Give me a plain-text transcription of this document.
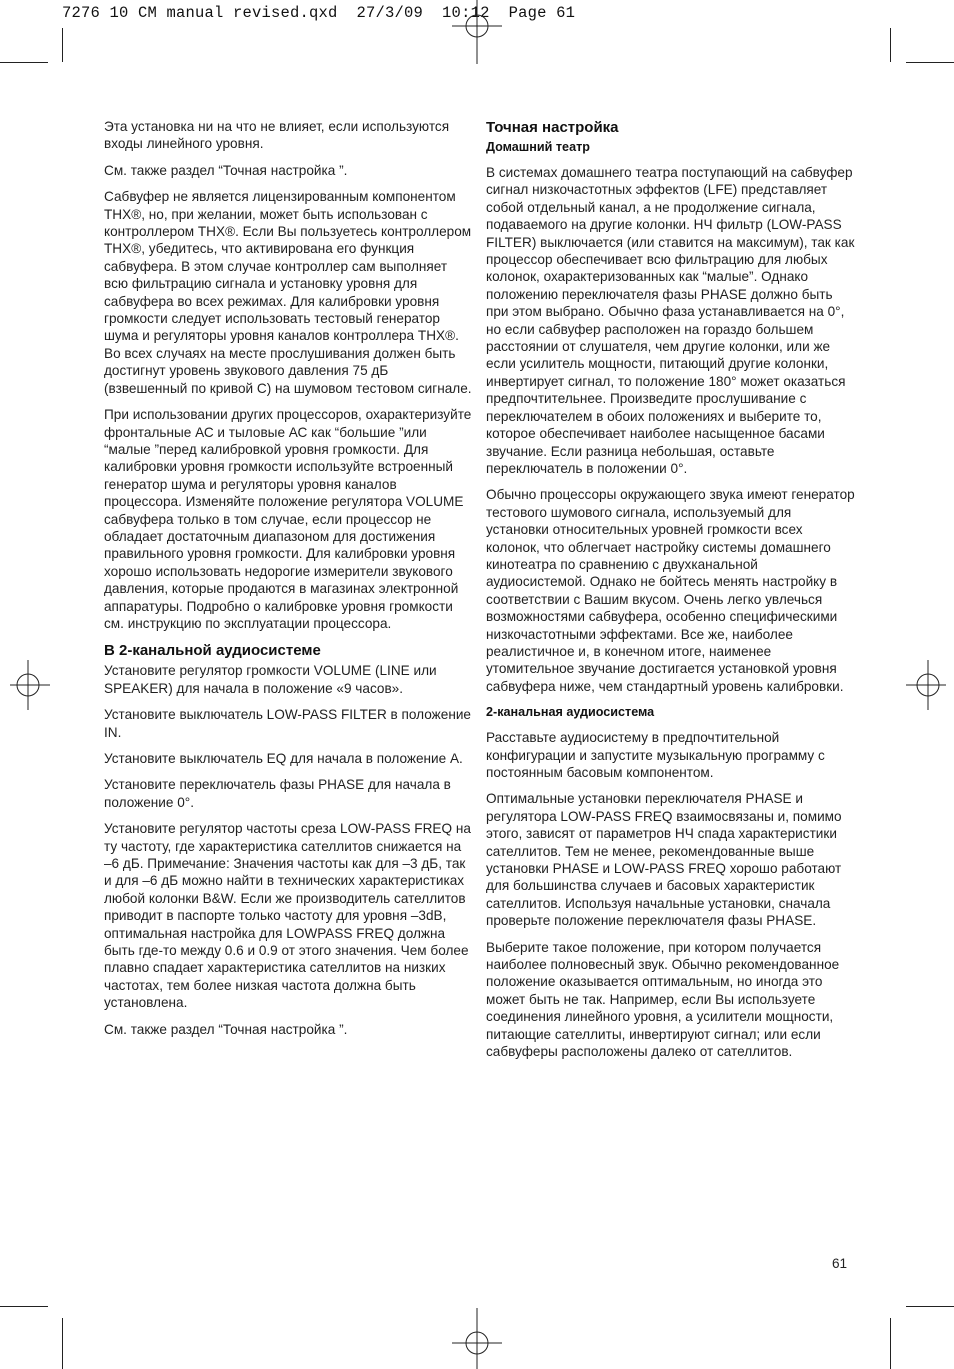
7276 10 CM manual revised.qxd  27/3/09  10:12  Page 61

Эта установка ни на что не влияет, если используются входы линейного уровня.

См. также раздел “Точная настройка ”.

Сабвуфер не является лицензированным компонентом THX®, но, при желании, может быть использован с контроллером THX®. Если Вы пользуетесь контроллером THX®, убедитесь, что активирована его функция сабвуфера. В этом случае контроллер сам выполняет всю фильтрацию сигнала и установку уровня для сабвуфера во всех режимах. Для калибровки уровня громкости следует использовать тестовый генератор шума и регуляторы уровня каналов контроллера THX®. Во всех случаях на месте прослушивания должен быть достигнут уровень звукового давления 75 дБ (взвешенный по кривой C) на шумовом тестовом сигнале.

При использовании других процессоров, охарактеризуйте фронтальные АС и тыловые АС как “большие ”или “малые ”перед калибровкой уровня громкости. Для калибровки уровня громкости используйте встроенный генератор шума и регуляторы уровня каналов процессора. Изменяйте положение регулятора VOLUME сабвуфера только в том случае, если процессор не обладает достаточным диапазоном для достижения правильного уровня громкости. Для калибровки уровня хорошо использовать недорогие измерители звукового давления, которые продаются в магазинах электронной аппаратуры. Подробно о калибровке уровня громкости см. инструкцию по эксплуатации процессора.

В 2-канальной аудиосистеме

Установите регулятор громкости VOLUME (LINE или SPEAKER) для начала в положение «9 часов».

Установите выключатель LOW-PASS FILTER в положение IN.

Установите выключатель EQ для начала в положение A.

Установите переключатель фазы PHASE для начала в положение 0°.

Установите регулятор частоты среза LOW-PASS FREQ на ту частоту, где характеристика сателлитов снижается на –6 дБ. Примечание: Значения частоты как для –3 дБ, так и для –6 дБ можно найти в технических характеристиках любой колонки B&W. Если же производитель сателлитов приводит в паспорте только частоту для уровня –3dB, оптимальная настройка для LOWPASS FREQ должна быть где-то между 0.6 и 0.9 от этого значения. Чем более плавно спадает характеристика сателлитов на низких частотах, тем более низкая частота должна быть установлена.

См. также раздел “Точная настройка ”.

Точная настройка
Домашний театр

В системах домашнего театра поступающий на сабвуфер сигнал низкочастотных эффектов (LFE) представляет собой отдельный канал, а не продолжение сигнала, подаваемого на другие колонки. НЧ фильтр (LOW-PASS FILTER) выключается (или ставится на максимум), так как процессор обеспечивает всю фильтрацию для любых колонок, охарактеризованных как “малые”. Однако положению переключателя фазы PHASE должно быть при этом выбрано. Обычно фаза устанавливается на 0°, но если сабвуфер расположен на гораздо большем расстоянии от слушателя, чем другие колонки, или же если усилитель мощности, питающий другие колонки, инвертирует сигнал, то положение 180° может оказаться предпочтительнее. Произведите прослушивание с переключателем в обоих положениях и выберите то, которое обеспечивает наиболее насыщенное басами звучание. Если разница небольшая, оставьте переключатель в положении 0°.

Обычно процессоры окружающего звука имеют генератор тестового шумового сигнала, используемый для установки относительных уровней громкости всех колонок, что облегчает настройку системы домашнего кинотеатра по сравнению с двухканальной аудиосистемой. Однако не бойтесь менять настройку в соответствии с Вашим вкусом. Очень легко увлечься возможностями сабвуфера, особенно специфическими низкочастотными эффектами. Все же, наиболее реалистичное и, в конечном итоге, наименее утомительное звучание достигается установкой уровня сабвуфера ниже, чем стандартный уровень калибровки.

2-канальная аудиосистема

Расставьте аудиосистему в предпочтительной конфигурации и запустите музыкальную программу с постоянным басовым компонентом.

Оптимальные установки переключателя PHASE и регулятора LOW-PASS FREQ взаимосвязаны и, помимо этого, зависят от параметров НЧ спада характеристики сателлитов. Тем не менее, рекомендованные выше установки PHASE и LOW-PASS FREQ хорошо работают для большинства случаев и басовых характеристик сателлитов. Используя начальные установки, сначала проверьте положение переключателя фазы PHASE.

Выберите такое положение, при котором получается наиболее полновесный звук. Обычно рекомендованное положение оказывается оптимальным, но иногда это может быть не так. Например, если Вы используете соединения линейного уровня, а усилители мощности, питающие сателлиты, инвертируют сигнал; или если сабвуферы расположены далеко от сателлитов.

61
